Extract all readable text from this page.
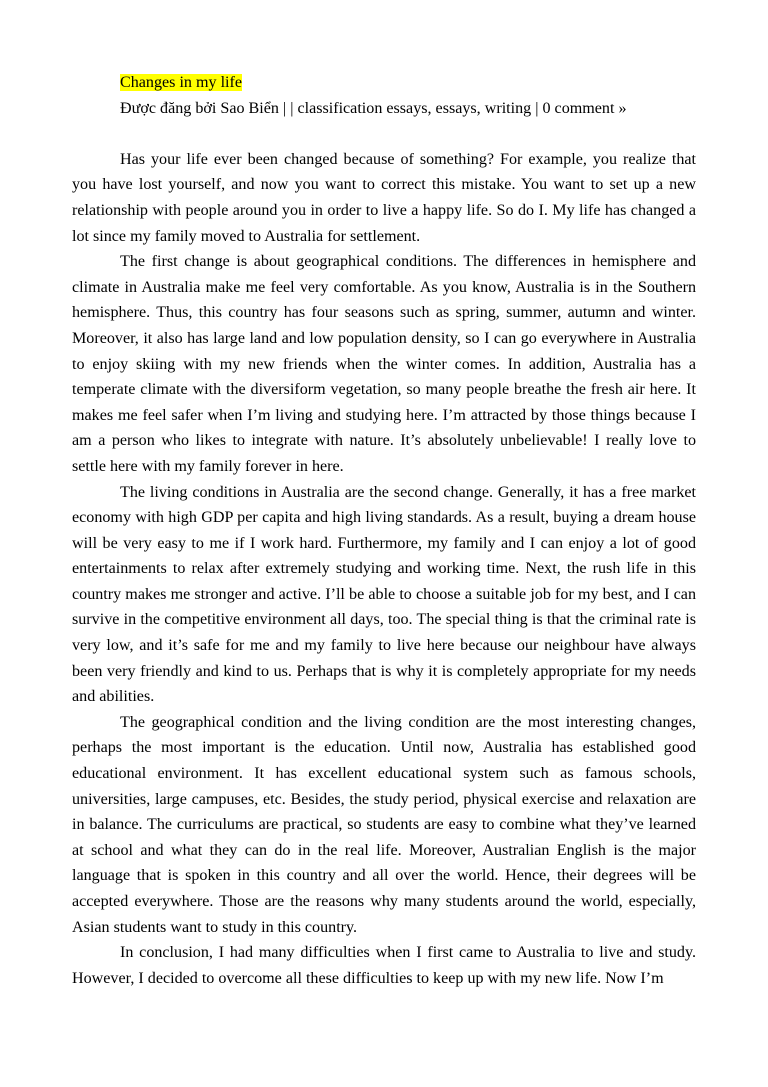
Changes in my life
Được đăng bởi Sao Biển | | classification essays, essays, writing | 0 comment »

Has your life ever been changed because of something? For example, you realize that you have lost yourself, and now you want to correct this mistake. You want to set up a new relationship with people around you in order to live a happy life. So do I. My life has changed a lot since my family moved to Australia for settlement.

The first change is about geographical conditions. The differences in hemisphere and climate in Australia make me feel very comfortable. As you know, Australia is in the Southern hemisphere. Thus, this country has four seasons such as spring, summer, autumn and winter. Moreover, it also has large land and low population density, so I can go everywhere in Australia to enjoy skiing with my new friends when the winter comes. In addition, Australia has a temperate climate with the diversiform vegetation, so many people breathe the fresh air here. It makes me feel safer when I’m living and studying here. I’m attracted by those things because I am a person who likes to integrate with nature. It’s absolutely unbelievable! I really love to settle here with my family forever in here.

The living conditions in Australia are the second change. Generally, it has a free market economy with high GDP per capita and high living standards. As a result, buying a dream house will be very easy to me if I work hard. Furthermore, my family and I can enjoy a lot of good entertainments to relax after extremely studying and working time. Next, the rush life in this country makes me stronger and active. I’ll be able to choose a suitable job for my best, and I can survive in the competitive environment all days, too. The special thing is that the criminal rate is very low, and it’s safe for me and my family to live here because our neighbour have always been very friendly and kind to us. Perhaps that is why it is completely appropriate for my needs and abilities.

The geographical condition and the living condition are the most interesting changes, perhaps the most important is the education. Until now, Australia has established good educational environment. It has excellent educational system such as famous schools, universities, large campuses, etc. Besides, the study period, physical exercise and relaxation are in balance. The curriculums are practical, so students are easy to combine what they’ve learned at school and what they can do in the real life. Moreover, Australian English is the major language that is spoken in this country and all over the world. Hence, their degrees will be accepted everywhere. Those are the reasons why many students around the world, especially, Asian students want to study in this country.

In conclusion, I had many difficulties when I first came to Australia to live and study. However, I decided to overcome all these difficulties to keep up with my new life. Now I’m
